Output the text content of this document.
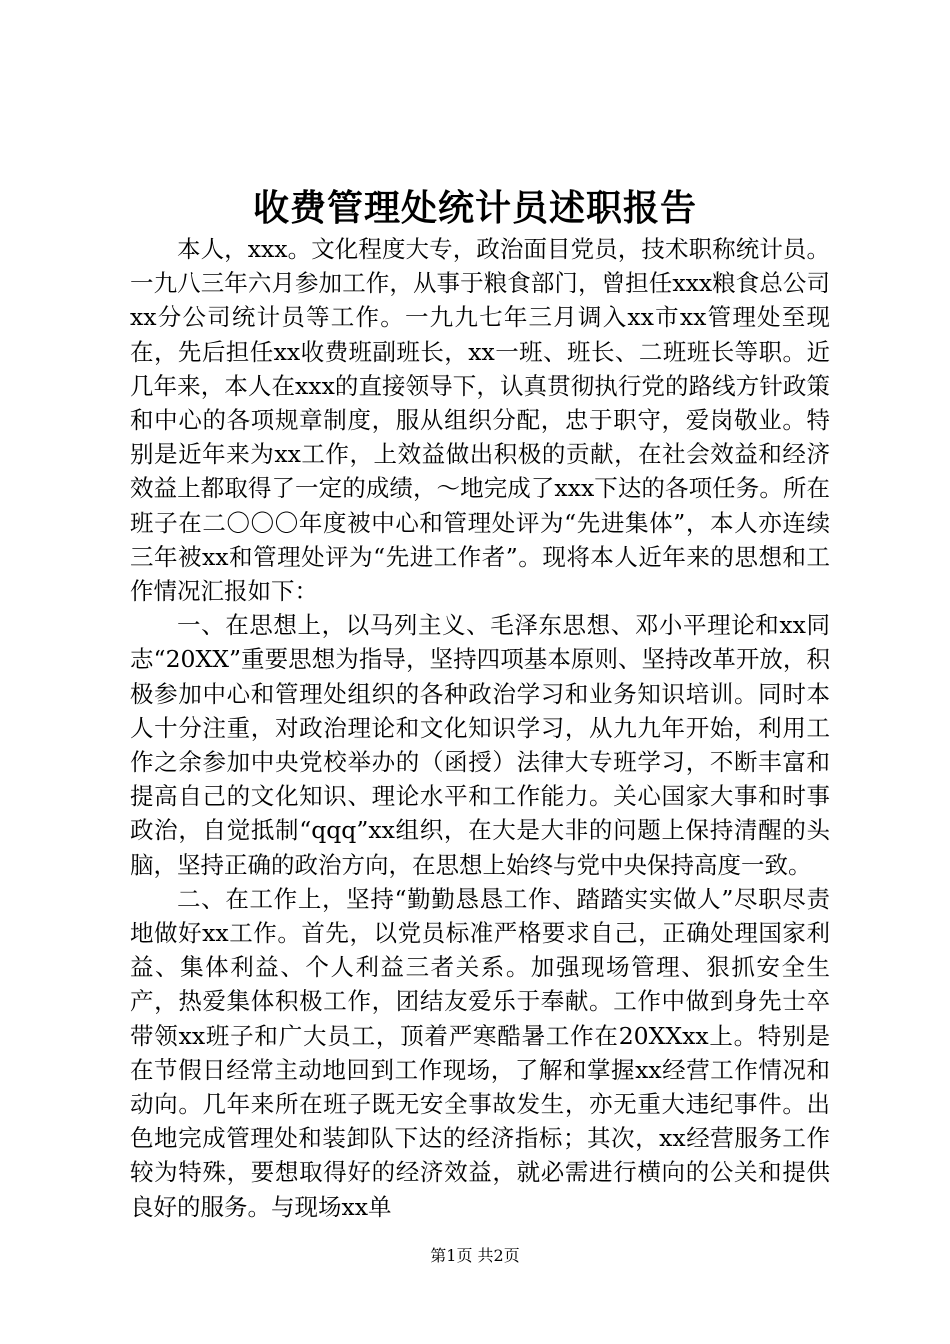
收费管理处统计员述职报告

本人，xxx。文化程度大专，政治面目党员，技术职称统计员。一九八三年六月参加工作，从事于粮食部门，曾担任xxx粮食总公司xx分公司统计员等工作。一九九七年三月调入xx市xx管理处至现在，先后担任xx收费班副班长，xx一班、班长、二班班长等职。近几年来，本人在xxx的直接领导下，认真贯彻执行党的路线方针政策和中心的各项规章制度，服从组织分配，忠于职守，爱岗敬业。特别是近年来为xx工作，上效益做出积极的贡献，在社会效益和经济效益上都取得了一定的成绩，～地完成了xxx下达的各项任务。所在班子在二〇〇〇年度被中心和管理处评为“先进集体”，本人亦连续三年被xx和管理处评为“先进工作者”。现将本人近年来的思想和工作情况汇报如下：

一、在思想上，以马列主义、毛泽东思想、邓小平理论和xx同志“20XX”重要思想为指导，坚持四项基本原则、坚持改革开放，积极参加中心和管理处组织的各种政治学习和业务知识培训。同时本人十分注重，对政治理论和文化知识学习，从九九年开始，利用工作之余参加中央党校举办的（函授）法律大专班学习，不断丰富和提高自己的文化知识、理论水平和工作能力。关心国家大事和时事政治，自觉抵制“qqq”xx组织，在大是大非的问题上保持清醒的头脑，坚持正确的政治方向，在思想上始终与党中央保持高度一致。

二、在工作上，坚持“勤勤恳恳工作、踏踏实实做人”尽职尽责地做好xx工作。首先，以党员标准严格要求自己，正确处理国家利益、集体利益、个人利益三者关系。加强现场管理、狠抓安全生产，热爱集体积极工作，团结友爱乐于奉献。工作中做到身先士卒带领xx班子和广大员工，顶着严寒酷暑工作在20XXxx上。特别是在节假日经常主动地回到工作现场，了解和掌握xx经营工作情况和动向。几年来所在班子既无安全事故发生，亦无重大违纪事件。出色地完成管理处和装卸队下达的经济指标；其次，xx经营服务工作较为特殊，要想取得好的经济效益，就必需进行横向的公关和提供良好的服务。与现场xx单

第1页 共2页
